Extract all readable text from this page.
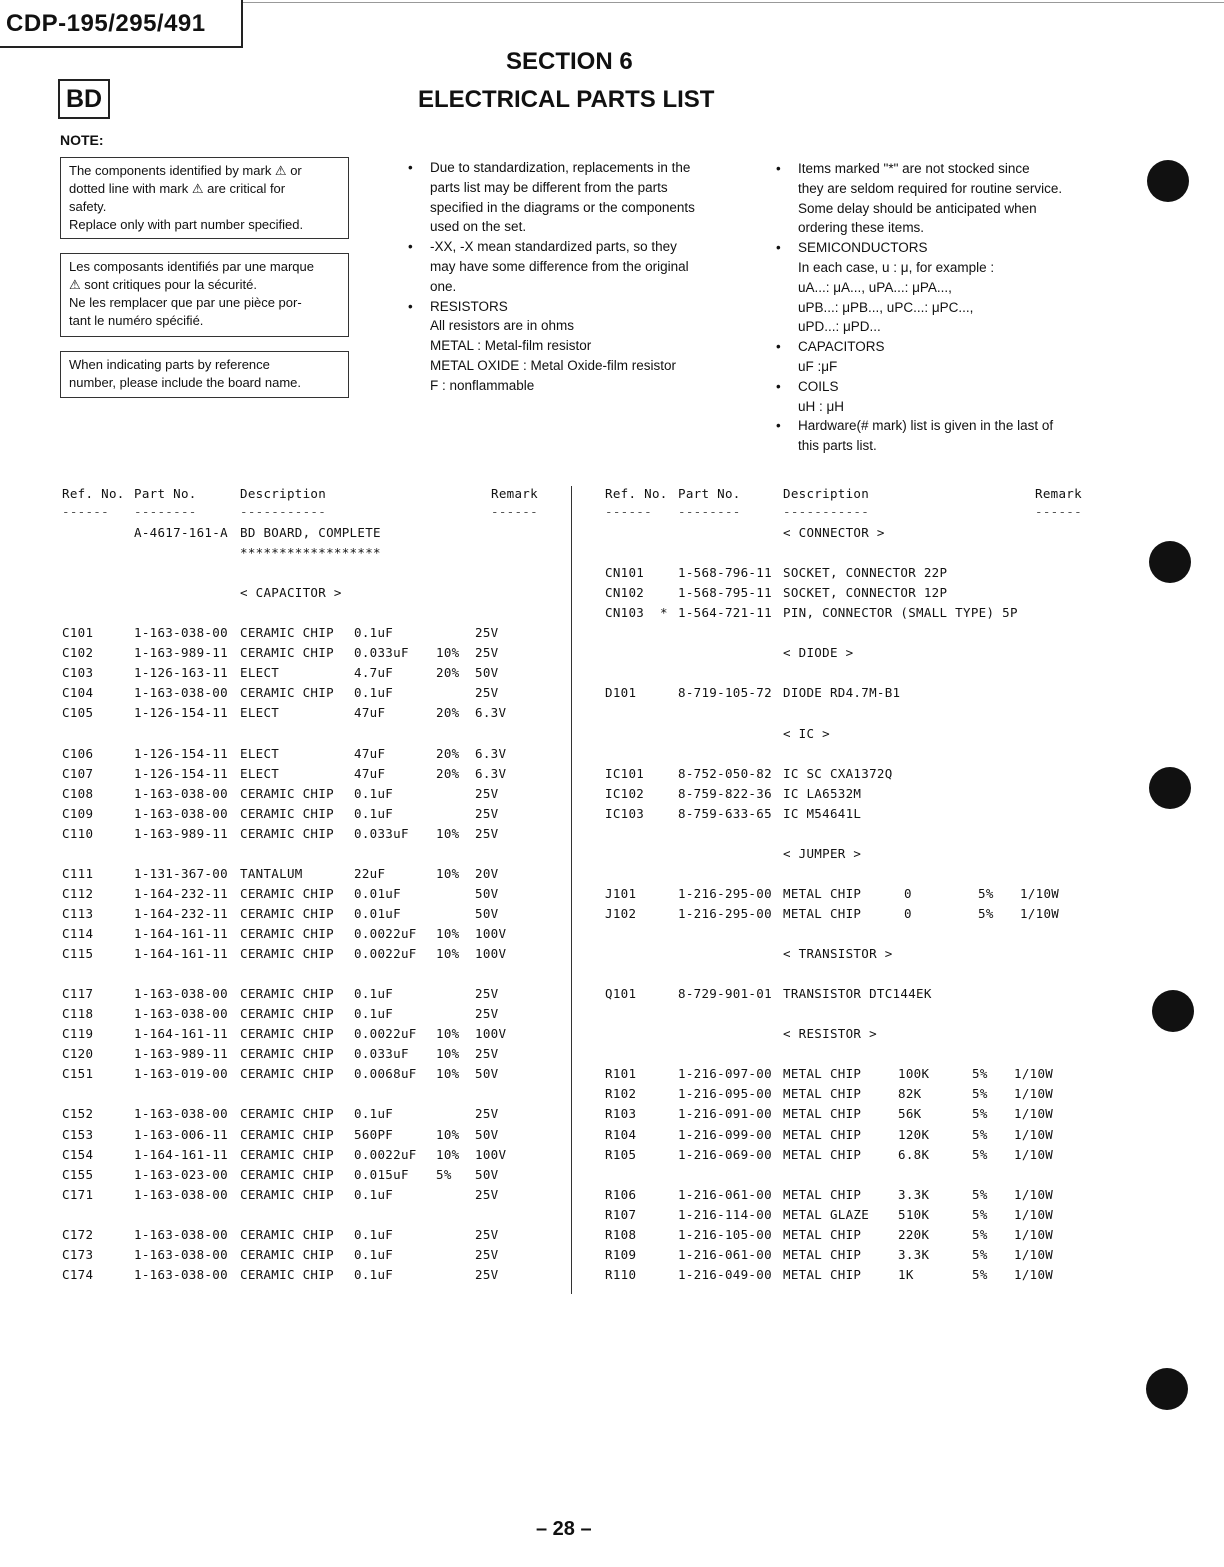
CDP-195/295/491
BD
SECTION 6
ELECTRICAL PARTS LIST
NOTE:
The components identified by mark ⚠ or
dotted line with mark ⚠ are critical for
safety.
Replace only with part number specified.
Les composants identifiés par une marque
⚠ sont critiques pour la sécurité.
Ne les remplacer que par une pièce por-
tant le numéro spécifié.
When indicating parts by reference
number, please include the board name.
• Due to standardization, replacements in the
parts list may be different from the parts
specified in the diagrams or the components
used on the set.
• -XX, -X mean standardized parts, so they
may have some difference from the original
one.
• RESISTORS
All resistors are in ohms
METAL : Metal-film resistor
METAL OXIDE : Metal Oxide-film resistor
F : nonflammable
• Items marked "*" are not stocked since
they are seldom required for routine service.
Some delay should be anticipated when
ordering these items.
• SEMICONDUCTORS
In each case, u : μ, for example :
uA...: μA..., uPA...: μPA...,
uPB...: μPB..., uPC...: μPC...,
uPD...: μPD...
• CAPACITORS
uF :μF
• COILS
uH : μH
• Hardware(# mark) list is given in the last of
this parts list.
Ref. No. Part No.	Description	Remark
------ --------	-----------	------
A-4617-161-A BD BOARD, COMPLETE
******************
< CAPACITOR >
C101	1-163-038-00 CERAMIC CHIP 0.1uF	25V
C102	1-163-989-11 CERAMIC CHIP 0.033uF 10% 25V
C103	1-126-163-11 ELECT	4.7uF	20% 50V
C104	1-163-038-00 CERAMIC CHIP 0.1uF	25V
C105	1-126-154-11 ELECT	47uF	20% 6.3V
C106	1-126-154-11 ELECT	47uF	20% 6.3V
C107	1-126-154-11 ELECT	47uF	20% 6.3V
C108	1-163-038-00 CERAMIC CHIP 0.1uF	25V
C109	1-163-038-00 CERAMIC CHIP 0.1uF	25V
C110	1-163-989-11 CERAMIC CHIP 0.033uF 10% 25V
C111	1-131-367-00 TANTALUM	22uF	10% 20V
C112	1-164-232-11 CERAMIC CHIP 0.01uF	50V
C113	1-164-232-11 CERAMIC CHIP 0.01uF	50V
C114	1-164-161-11 CERAMIC CHIP 0.0022uF 10% 100V
C115	1-164-161-11 CERAMIC CHIP 0.0022uF 10% 100V
C117	1-163-038-00 CERAMIC CHIP 0.1uF	25V
C118	1-163-038-00 CERAMIC CHIP 0.1uF	25V
C119	1-164-161-11 CERAMIC CHIP 0.0022uF 10% 100V
C120	1-163-989-11 CERAMIC CHIP 0.033uF 10% 25V
C151	1-163-019-00 CERAMIC CHIP 0.0068uF 10% 50V
C152	1-163-038-00 CERAMIC CHIP 0.1uF	25V
C153	1-163-006-11 CERAMIC CHIP 560PF	10% 50V
C154	1-164-161-11 CERAMIC CHIP 0.0022uF 10% 100V
C155	1-163-023-00 CERAMIC CHIP 0.015uF 5% 50V
C171	1-163-038-00 CERAMIC CHIP 0.1uF	25V
C172	1-163-038-00 CERAMIC CHIP 0.1uF	25V
C173	1-163-038-00 CERAMIC CHIP 0.1uF	25V
C174	1-163-038-00 CERAMIC CHIP 0.1uF	25V
Ref. No. Part No.	Description	Remark
------ --------	-----------	------
< CONNECTOR >
CN101	1-568-796-11 SOCKET, CONNECTOR 22P
CN102	1-568-795-11 SOCKET, CONNECTOR 12P
CN103 * 1-564-721-11 PIN, CONNECTOR (SMALL TYPE) 5P
< DIODE >
D101	8-719-105-72 DIODE RD4.7M-B1
< IC >
IC101	8-752-050-82 IC SC CXA1372Q
IC102	8-759-822-36 IC LA6532M
IC103	8-759-633-65 IC M54641L
< JUMPER >
J101	1-216-295-00 METAL CHIP	0	5% 1/10W
J102	1-216-295-00 METAL CHIP	0	5% 1/10W
< TRANSISTOR >
Q101	8-729-901-01 TRANSISTOR DTC144EK
< RESISTOR >
R101	1-216-097-00 METAL CHIP	100K	5% 1/10W
R102	1-216-095-00 METAL CHIP	82K	5% 1/10W
R103	1-216-091-00 METAL CHIP	56K	5% 1/10W
R104	1-216-099-00 METAL CHIP	120K	5% 1/10W
R105	1-216-069-00 METAL CHIP	6.8K	5% 1/10W
R106	1-216-061-00 METAL CHIP	3.3K	5% 1/10W
R107	1-216-114-00 METAL GLAZE 510K	5% 1/10W
R108	1-216-105-00 METAL CHIP	220K	5% 1/10W
R109	1-216-061-00 METAL CHIP	3.3K	5% 1/10W
R110	1-216-049-00 METAL CHIP	1K	5% 1/10W
– 28 –
